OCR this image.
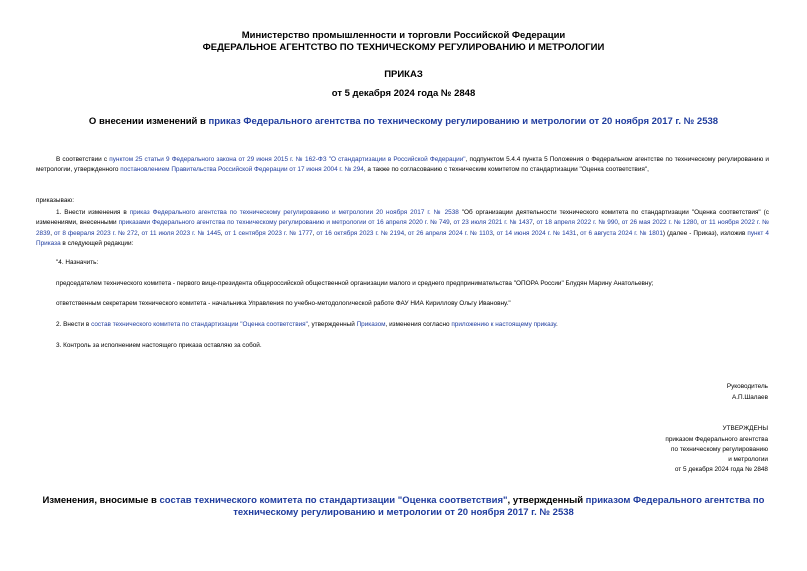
Министерство промышленности и торговли Российской Федерации
ФЕДЕРАЛЬНОЕ АГЕНТСТВО ПО ТЕХНИЧЕСКОМУ РЕГУЛИРОВАНИЮ И МЕТРОЛОГИИ
ПРИКАЗ
от 5 декабря 2024 года № 2848
О внесении изменений в приказ Федерального агентства по техническому регулированию и метрологии от 20 ноября 2017 г. № 2538
В соответствии с пунктом 25 статьи 9 Федерального закона от 29 июня 2015 г. № 162-ФЗ "О стандартизации в Российской Федерации", подпунктом 5.4.4 пункта 5 Положения о Федеральном агентстве по техническому регулированию и метрологии, утвержденного постановлением Правительства Российской Федерации от 17 июня 2004 г. № 294, а также по согласованию с техническим комитетом по стандартизации "Оценка соответствия",
приказываю:
1. Внести изменения в приказ Федерального агентства по техническому регулированию и метрологии 20 ноября 2017 г. № 2538 "Об организации деятельности технического комитета по стандартизации "Оценка соответствия" (с изменениями, внесенными приказами Федерального агентства по техническому регулированию и метрологии от 16 апреля 2020 г. № 749, от 23 июля 2021 г. № 1437, от 18 апреля 2022 г. № 990, от 26 мая 2022 г. № 1280, от 11 ноября 2022 г. № 2839, от 8 февраля 2023 г. № 272, от 11 июля 2023 г. № 1445, от 1 сентября 2023 г. № 1777, от 16 октября 2023 г. № 2194, от 26 апреля 2024 г. № 1103, от 14 июня 2024 г. № 1431, от 6 августа 2024 г. № 1801) (далее - Приказ), изложив пункт 4 Приказа в следующей редакции:
"4. Назначить:
председателем технического комитета - первого вице-президента общероссийской общественной организации малого и среднего предпринимательства "ОПОРА России" Блудян Марину Анатольевну;
ответственным секретарем технического комитета - начальника Управления по учебно-методологической работе ФАУ НИА Кириллову Ольгу Ивановну."
2. Внести в состав технического комитета по стандартизации "Оценка соответствия", утвержденный Приказом, изменения согласно приложению к настоящему приказу.
3. Контроль за исполнением настоящего приказа оставляю за собой.
Руководитель
А.П.Шалаев
УТВЕРЖДЕНЫ
приказом Федерального агентства
по техническому регулированию
и метрологии
от 5 декабря 2024 года № 2848
Изменения, вносимые в состав технического комитета по стандартизации "Оценка соответствия", утвержденный приказом Федерального агентства по техническому регулированию и метрологии от 20 ноября 2017 г. № 2538
